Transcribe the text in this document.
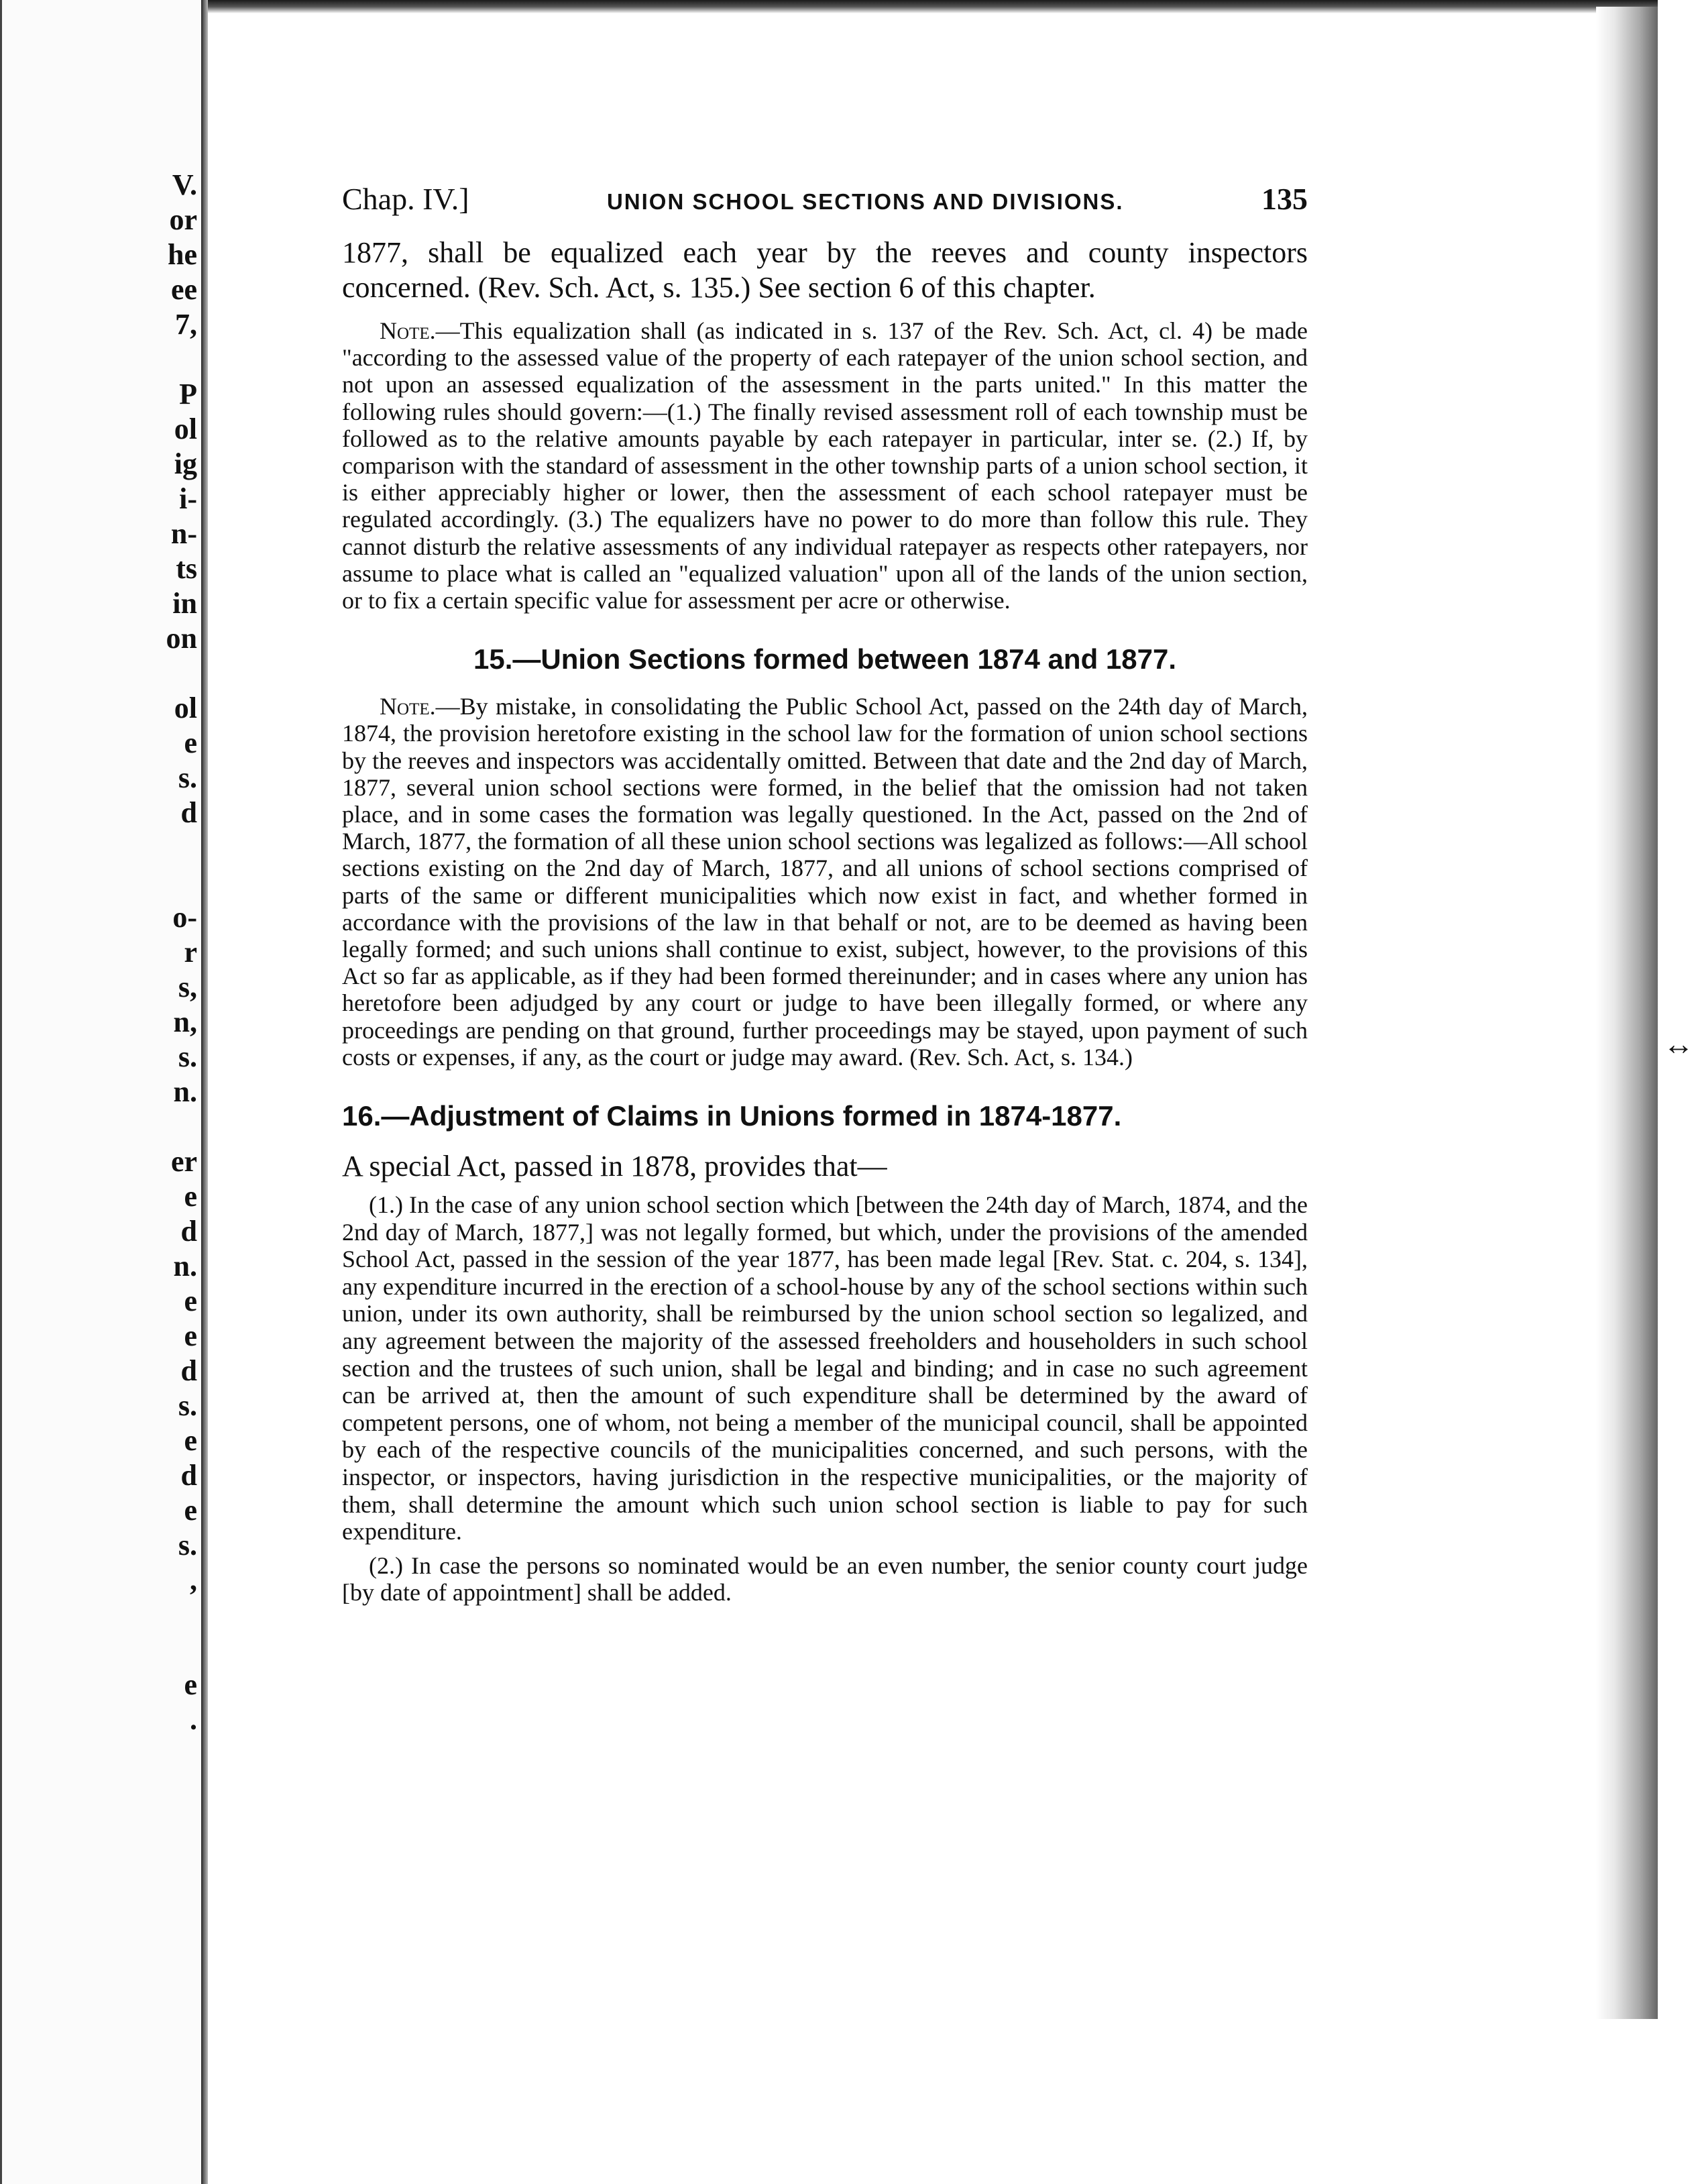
V.
or
he
ee
7,
P
ol
ig
i-
n-
ts
in
on
ol
e
s.
d
o-
r
s,
n,
s.
n.
er
e
d
n.
e
e
d
s.
e
d
e
s.
,
e
.
↔
Chap. IV.]	UNION SCHOOL SECTIONS AND DIVISIONS.	135

1877, shall be equalized each year by the reeves and county inspectors concerned. (Rev. Sch. Act, s. 135.) See section 6 of this chapter.

Note.—This equalization shall (as indicated in s. 137 of the Rev. Sch. Act, cl. 4) be made "according to the assessed value of the property of each ratepayer of the union school section, and not upon an assessed equalization of the assessment in the parts united." In this matter the following rules should govern:—(1.) The finally revised assessment roll of each township must be followed as to the relative amounts payable by each ratepayer in particular, inter se. (2.) If, by comparison with the standard of assessment in the other township parts of a union school section, it is either appreciably higher or lower, then the assessment of each school ratepayer must be regulated accordingly. (3.) The equalizers have no power to do more than follow this rule. They cannot disturb the relative assessments of any individual ratepayer as respects other ratepayers, nor assume to place what is called an "equalized valuation" upon all of the lands of the union section, or to fix a certain specific value for assessment per acre or otherwise.

15.—Union Sections formed between 1874 and 1877.

Note.—By mistake, in consolidating the Public School Act, passed on the 24th day of March, 1874, the provision heretofore existing in the school law for the formation of union school sections by the reeves and inspectors was accidentally omitted. Between that date and the 2nd day of March, 1877, several union school sections were formed, in the belief that the omission had not taken place, and in some cases the formation was legally questioned. In the Act, passed on the 2nd of March, 1877, the formation of all these union school sections was legalized as follows:—All school sections existing on the 2nd day of March, 1877, and all unions of school sections comprised of parts of the same or different municipalities which now exist in fact, and whether formed in accordance with the provisions of the law in that behalf or not, are to be deemed as having been legally formed; and such unions shall continue to exist, subject, however, to the provisions of this Act so far as applicable, as if they had been formed thereinunder; and in cases where any union has heretofore been adjudged by any court or judge to have been illegally formed, or where any proceedings are pending on that ground, further proceedings may be stayed, upon payment of such costs or expenses, if any, as the court or judge may award. (Rev. Sch. Act, s. 134.)

16.—Adjustment of Claims in Unions formed in 1874-1877.

A special Act, passed in 1878, provides that—

(1.) In the case of any union school section which [between the 24th day of March, 1874, and the 2nd day of March, 1877,] was not legally formed, but which, under the provisions of the amended School Act, passed in the session of the year 1877, has been made legal [Rev. Stat. c. 204, s. 134], any expenditure incurred in the erection of a school-house by any of the school sections within such union, under its own authority, shall be reimbursed by the union school section so legalized, and any agreement between the majority of the assessed freeholders and householders in such school section and the trustees of such union, shall be legal and binding; and in case no such agreement can be arrived at, then the amount of such expenditure shall be determined by the award of competent persons, one of whom, not being a member of the municipal council, shall be appointed by each of the respective councils of the municipalities concerned, and such persons, with the inspector, or inspectors, having jurisdiction in the respective municipalities, or the majority of them, shall determine the amount which such union school section is liable to pay for such expenditure.

(2.) In case the persons so nominated would be an even number, the senior county court judge [by date of appointment] shall be added.
